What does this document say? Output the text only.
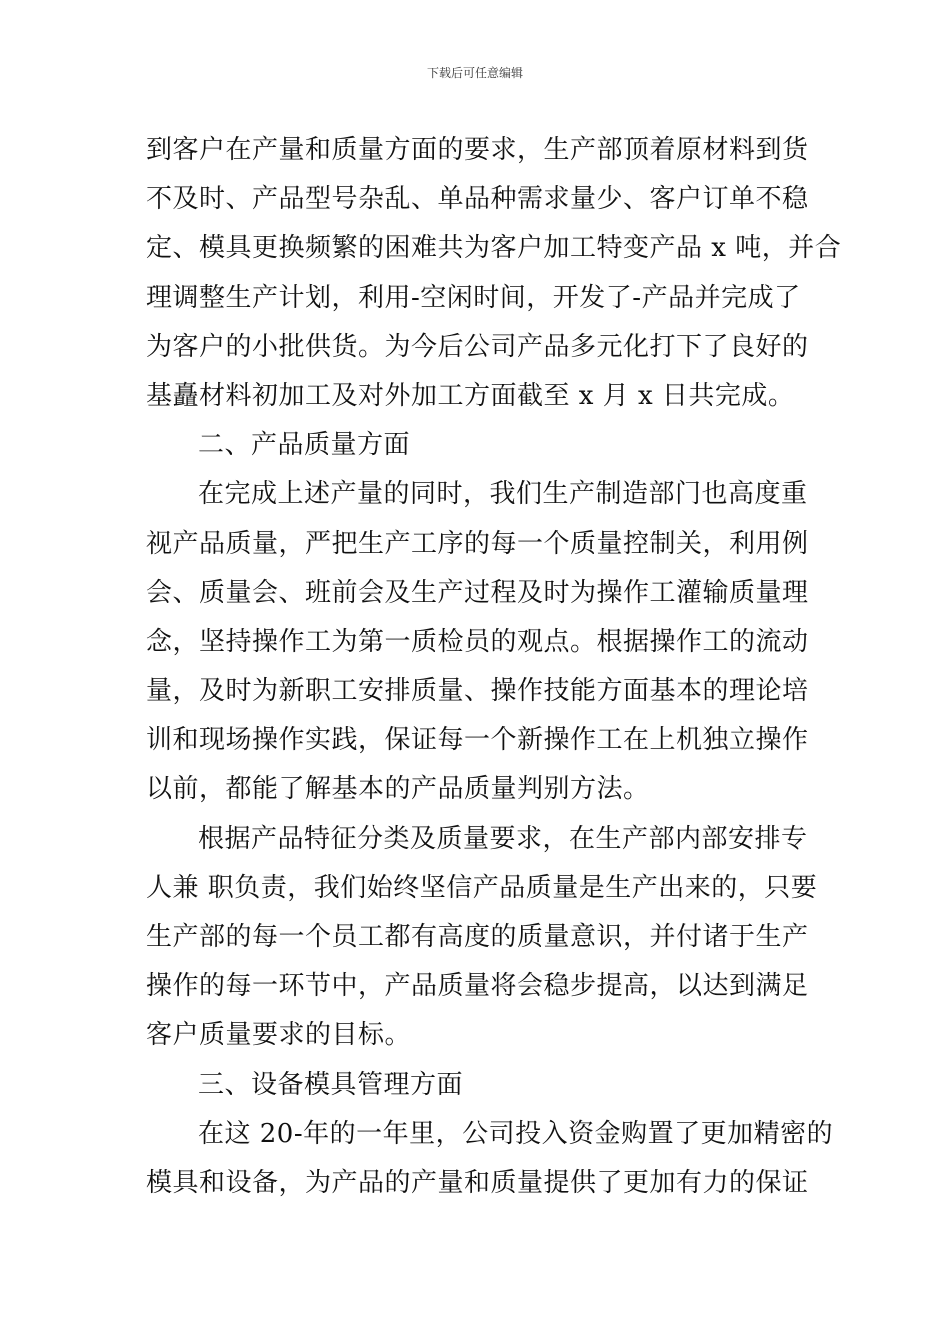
下载后可任意编辑
到客户在产量和质量方面的要求，生产部顶着原材料到货
不及时、产品型号杂乱、单品种需求量少、客户订单不稳
定、模具更换频繁的困难共为客户加工特变产品 x 吨，并合
理调整生产计划，利用-空闲时间，开发了-产品并完成了
为客户的小批供货。为今后公司产品多元化打下了良好的
基矗材料初加工及对外加工方面截至 x 月 x 日共完成。
二、产品质量方面
在完成上述产量的同时，我们生产制造部门也高度重
视产品质量，严把生产工序的每一个质量控制关，利用例
会、质量会、班前会及生产过程及时为操作工灌输质量理
念，坚持操作工为第一质检员的观点。根据操作工的流动
量，及时为新职工安排质量、操作技能方面基本的理论培
训和现场操作实践，保证每一个新操作工在上机独立操作
以前，都能了解基本的产品质量判别方法。
根据产品特征分类及质量要求，在生产部内部安排专
人兼 职负责，我们始终坚信产品质量是生产出来的，只要
生产部的每一个员工都有高度的质量意识，并付诸于生产
操作的每一环节中，产品质量将会稳步提高，以达到满足
客户质量要求的目标。
三、设备模具管理方面
在这 20-年的一年里，公司投入资金购置了更加精密的
模具和设备，为产品的产量和质量提供了更加有力的保证
